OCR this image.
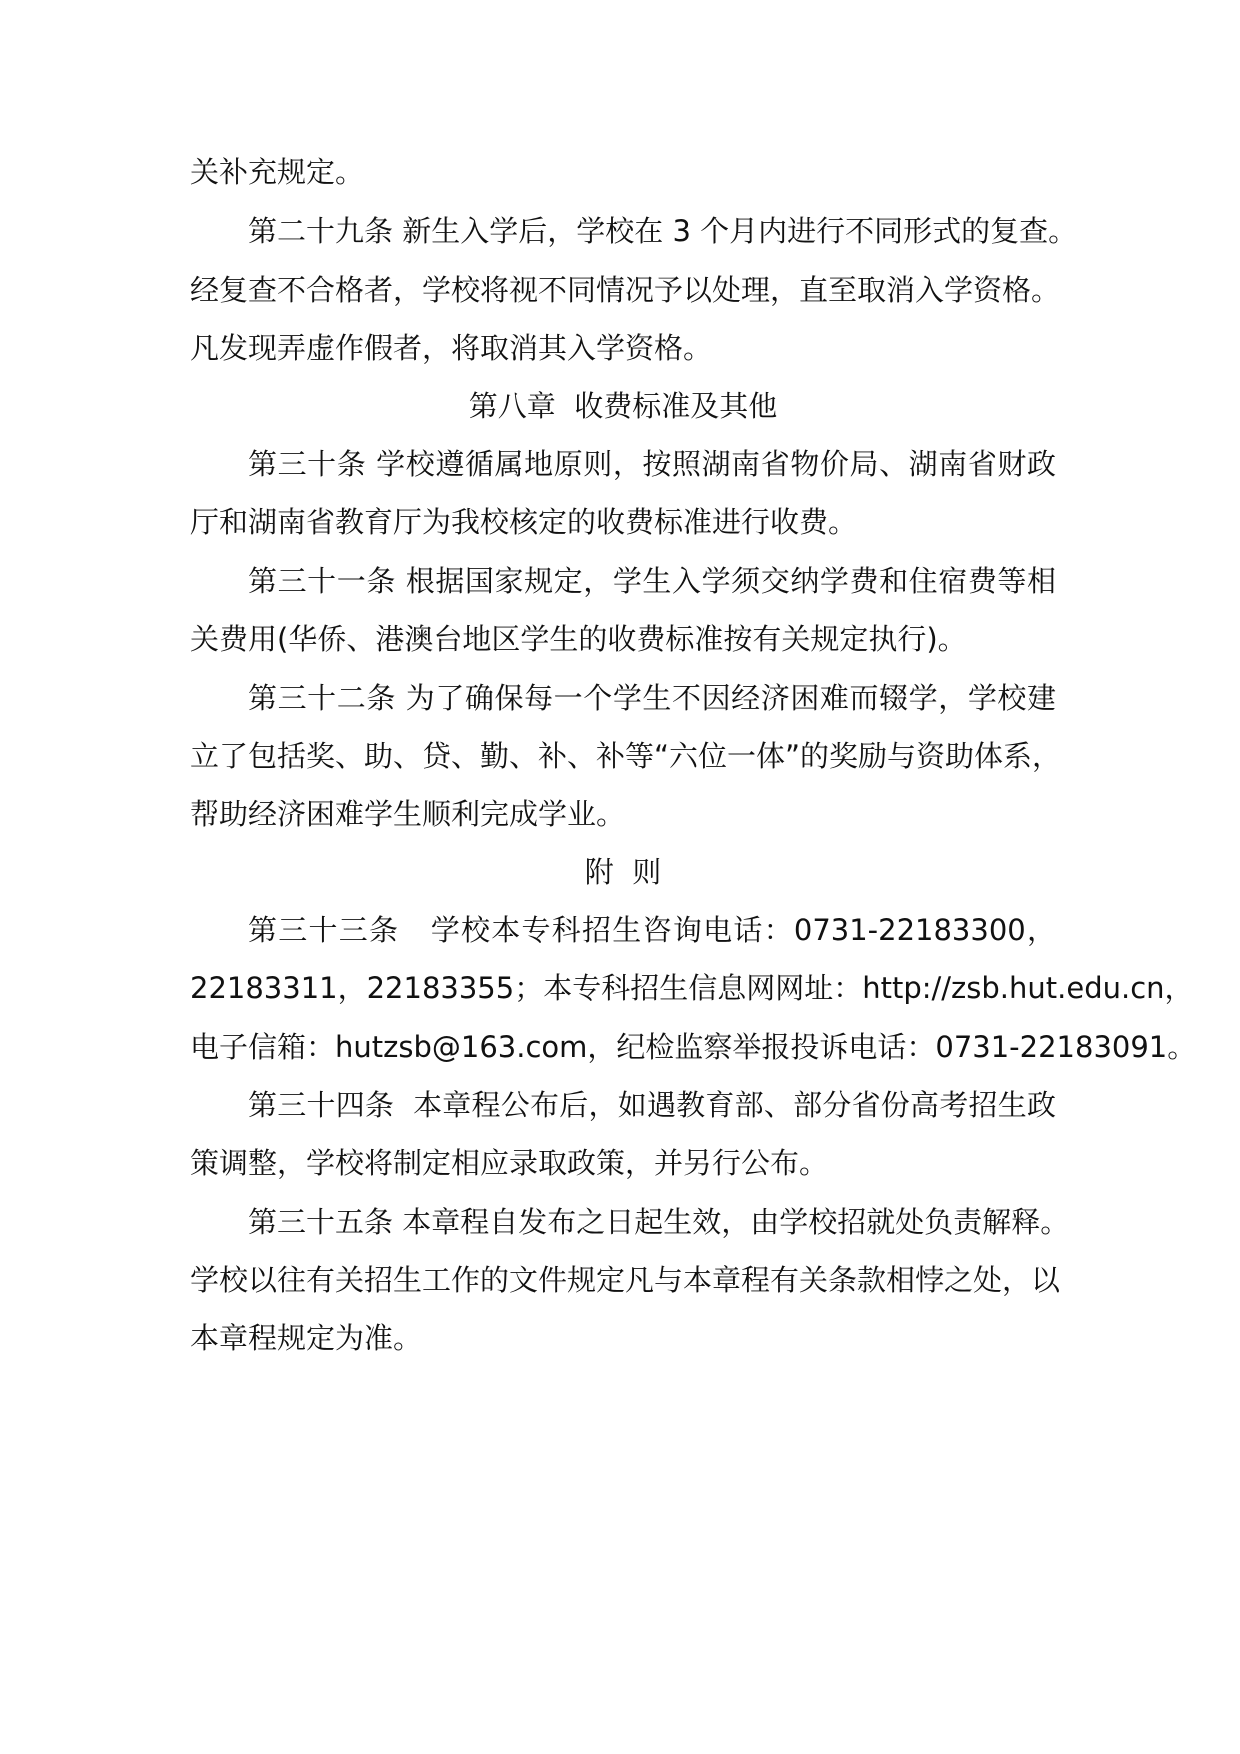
关补充规定。
第二十九条 新生入学后，学校在 3 个月内进行不同形式的复查。
经复查不合格者，学校将视不同情况予以处理，直至取消入学资格。
凡发现弄虚作假者，将取消其入学资格。
第八章  收费标准及其他
第三十条 学校遵循属地原则，按照湖南省物价局、湖南省财政
厅和湖南省教育厅为我校核定的收费标准进行收费。
第三十一条 根据国家规定，学生入学须交纳学费和住宿费等相
关费用(华侨、港澳台地区学生的收费标准按有关规定执行)。
第三十二条 为了确保每一个学生不因经济困难而辍学，学校建
立了包括奖、助、贷、勤、补、补等“六位一体”的奖励与资助体系，
帮助经济困难学生顺利完成学业。
附  则
第三十三条 学校本专科招生咨询电话：0731-22183300，
22183311，22183355；本专科招生信息网网址：http://zsb.hut.edu.cn，
电子信箱：hutzsb@163.com，纪检监察举报投诉电话：0731-22183091。
第三十四条 本章程公布后，如遇教育部、部分省份高考招生政
策调整，学校将制定相应录取政策，并另行公布。
第三十五条 本章程自发布之日起生效，由学校招就处负责解释。
学校以往有关招生工作的文件规定凡与本章程有关条款相悖之处，以
本章程规定为准。
